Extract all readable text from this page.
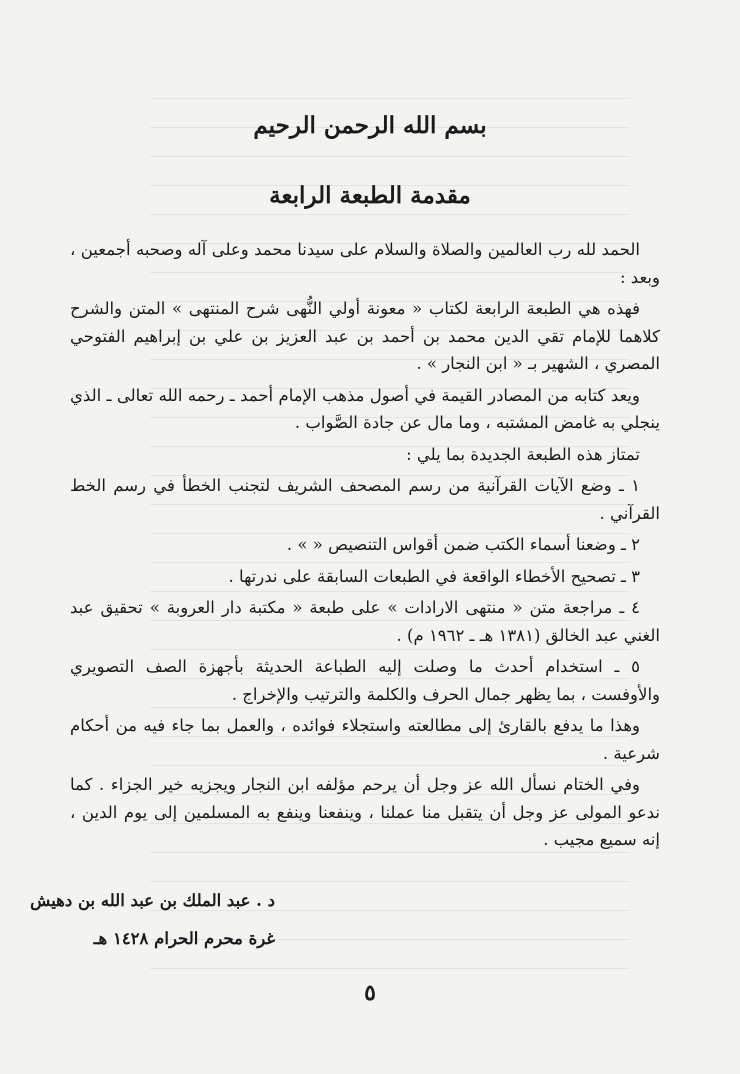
بسم الله الرحمن الرحيم
مقدمة الطبعة الرابعة

الحمد لله رب العالمين والصلاة والسلام على سيدنا محمد وعلى آله وصحبه أجمعين ، وبعد :

فهذه هي الطبعة الرابعة لكتاب « معونة أولي النُّهى شرح المنتهى » المتن والشرح كلاهما للإمام تقي الدين محمد بن أحمد بن عبد العزيز بن علي بن إبراهيم الفتوحي المصري ، الشهير بـ « ابن النجار » .

ويعد كتابه من المصادر القيمة في أصول مذهب الإمام أحمد ـ رحمه الله تعالى ـ الذي ينجلي به غامض المشتبه ، وما مال عن جادة الصَّواب .

تمتاز هذه الطبعة الجديدة بما يلي :

١ ـ وضع الآيات القرآنية من رسم المصحف الشريف لتجنب الخطأ في رسم الخط القرآني .

٢ ـ وضعنا أسماء الكتب ضمن أقواس التنصيص « » .

٣ ـ تصحيح الأخطاء الواقعة في الطبعات السابقة على ندرتها .

٤ ـ مراجعة متن « منتهى الارادات » على طبعة « مكتبة دار العروبة » تحقيق عبد الغني عبد الخالق (١٣٨١ هـ ـ ١٩٦٢ م) .

٥ ـ استخدام أحدث ما وصلت إليه الطباعة الحديثة بأجهزة الصف التصويري والأوفست ، بما يظهر جمال الحرف والكلمة والترتيب والإخراج .

وهذا ما يدفع بالقارئ إلى مطالعته واستجلاء فوائده ، والعمل بما جاء فيه من أحكام شرعية .

وفي الختام نسأل الله عز وجل أن يرحم مؤلفه ابن النجار ويجزيه خير الجزاء . كما ندعو المولى عز وجل أن يتقبل منا عملنا ، وينفعنا وينفع به المسلمين إلى يوم الدين ، إنه سميع مجيب .

د . عبد الملك بن عبد الله بن دهيش
غرة محرم الحرام ١٤٢٨ هـ
٥
